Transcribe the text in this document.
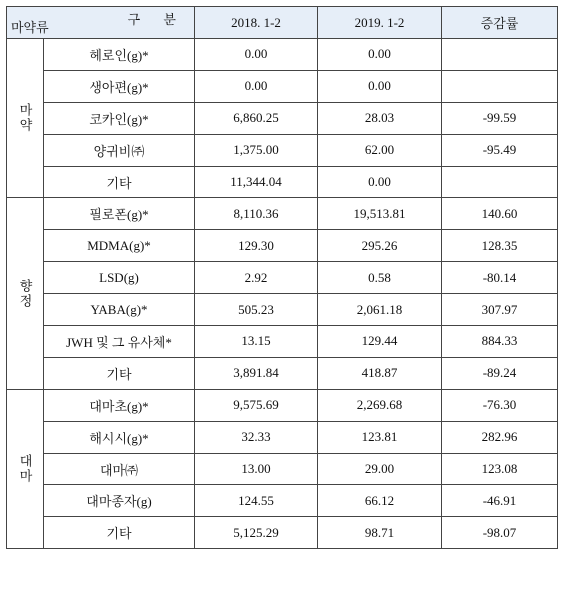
구 분
마약류		2018. 1-2	2019. 1-2	증감률
마약	헤로인(g)*	0.00	0.00	
	생아편(g)*	0.00	0.00	
	코카인(g)*	6,860.25	28.03	-99.59
	양귀비㈜	1,375.00	62.00	-95.49
	기타	11,344.04	0.00	
향정	필로폰(g)*	8,110.36	19,513.81	140.60
	MDMA(g)*	129.30	295.26	128.35
	LSD(g)	2.92	0.58	-80.14
	YABA(g)*	505.23	2,061.18	307.97
	JWH 및 그 유사체*	13.15	129.44	884.33
	기타	3,891.84	418.87	-89.24
대마	대마초(g)*	9,575.69	2,269.68	-76.30
	해시시(g)*	32.33	123.81	282.96
	대마㈜	13.00	29.00	123.08
	대마종자(g)	124.55	66.12	-46.91
	기타	5,125.29	98.71	-98.07
